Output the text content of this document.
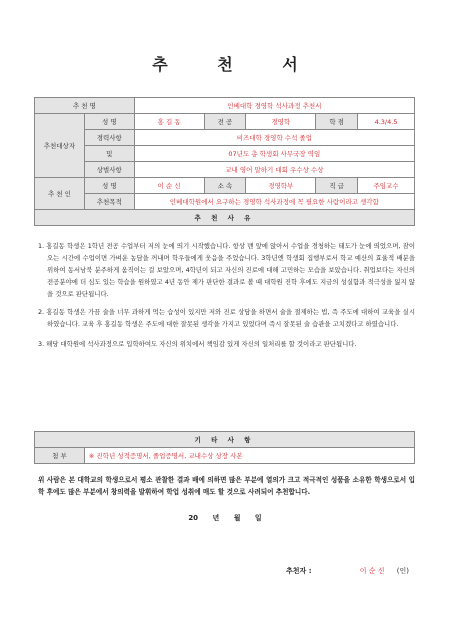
추 천 서
추 천 명		인베대학 경영학 석사과정 추천서				
추천대상자	성 명	홍 길 동	전 공	경영학	학 점	4.3/4.5
	경력사항	비즈대학 경영학 수석 졸업				
	및	07년도 총 학생회 사무국장 역임				
	상벌사항	교내 영어 말하기 대회 우수상 수상				
추 천 인	성 명	이 순 신	소 속	경영학부	직 급	주임교수
	추천목적	인베대학원에서 요구하는 경영학 석사과정에 꼭 필요한 사람이라고 생각함				
추 천 사 유						

1. 홍길동 학생은 1학년 전공 수업부터 저의 눈에 띄기 시작했습니다. 항상 맨 앞에 앉아서 수업을 경청하는 태도가 눈에 띄었으며, 잠이 오는 시간에 수업이면 가벼운 농담을 꺼내며 학우들에게 웃음을 주었습니다. 3학년엔 학생회 집행부로서 학교 예산의 효율적 배분을 위하여 동서남북 분주하게 움직이는 걸 보았으며, 4학년이 되고 자신의 진로에 대해 고민하는 모습을 보았습니다. 취업보다는 자신의 전공분야에 더 심도 있는 학습을 원하였고 4년 동안 제가 판단한 결과로 볼 때 대학원 진학 후에도 지금의 성실함과 적극성을 잃지 않을 것으로 판단됩니다.

2. 홍길동 학생은 가끔 술을 너무 과하게 먹는 습성이 있지만 저와 진로 상담을 하면서 술을 절제하는 법, 즉 주도에 대하여 교육을 실시하였습니다. 교육 후 홍길동 학생은 주도에 대한 잘못된 생각을 가지고 있었다며 즉시 잘못된 술 습관을 고치겠다고 하였습니다.

3. 해당 대학원에 석사과정으로 입학하여도 자신의 위치에서 책임감 있게 자신의 일처리를 할 것이라고 판단됩니다.

기 타 사 항
첨 부	※ 진학년 성적증명서, 졸업증명서, 교내수상 상장 사본
위 사람은 본 대학교의 학생으로서 평소 관찰한 결과 배에 의하면 많은 부분에 열의가 크고 적극적인 성품을 소유한 학생으로서 입학 후에도 많은 부분에서 창의력을 발휘하여 학업 성취에 매도 할 것으로 사려되어 추천합니다.
20 년 월 일
추천자 :	이 순 신 (인)
